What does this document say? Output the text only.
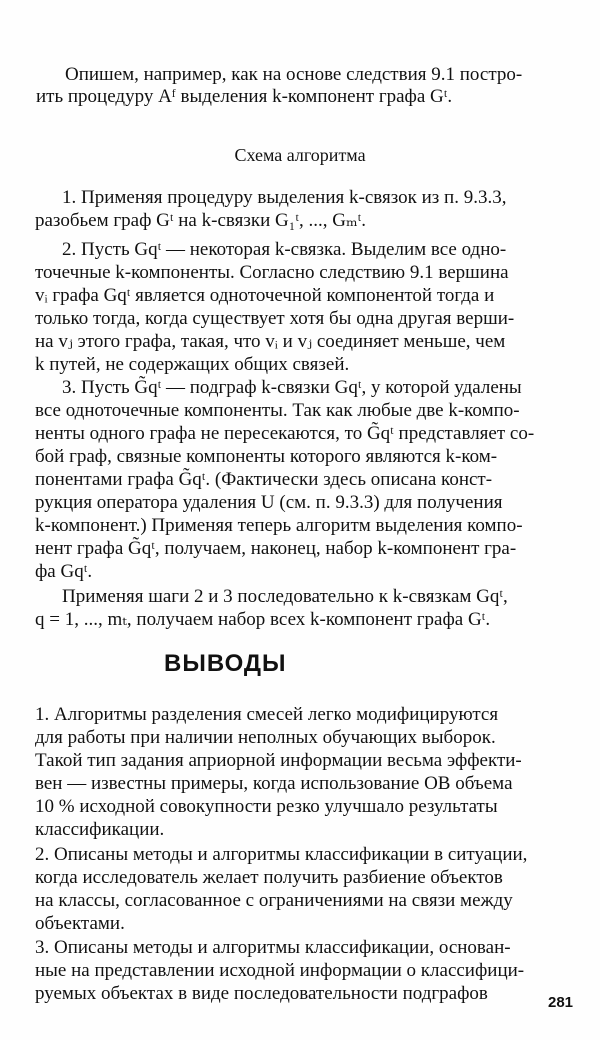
Опишем, например, как на основе следствия 9.1 постро-
ить процедуру Aᶠ выделения k-компонент графа Gᵗ.
Схема алгоритма
1. Применяя процедуру выделения k-связок из п. 9.3.3,
разобьем граф Gᵗ на k-связки G₁ᵗ, ..., Gₘᵗ.
2. Пусть Gqᵗ — некоторая k-связка. Выделим все одно-
точечные k-компоненты. Согласно следствию 9.1 вершина
vᵢ графа Gqᵗ является одноточечной компонентой тогда и
только тогда, когда существует хотя бы одна другая верши-
на vⱼ этого графа, такая, что vᵢ и vⱼ соединяет меньше, чем
k путей, не содержащих общих связей.
3. Пусть G̃qᵗ — подграф k-связки Gqᵗ, у которой удалены
все одноточечные компоненты. Так как любые две k-компо-
ненты одного графа не пересекаются, то G̃qᵗ представляет со-
бой граф, связные компоненты которого являются k-ком-
понентами графа G̃qᵗ. (Фактически здесь описана конст-
рукция оператора удаления U (см. п. 9.3.3) для получения
k-компонент.) Применяя теперь алгоритм выделения компо-
нент графа G̃qᵗ, получаем, наконец, набор k-компонент гра-
фа Gqᵗ.
Применяя шаги 2 и 3 последовательно к k-связкам Gqᵗ,
q = 1, ..., mₜ, получаем набор всех k-компонент графа Gᵗ.
ВЫВОДЫ
1. Алгоритмы разделения смесей легко модифицируются
для работы при наличии неполных обучающих выборок.
Такой тип задания априорной информации весьма эффекти-
вен — известны примеры, когда использование ОВ объема
10 % исходной совокупности резко улучшало результаты
классификации.
2. Описаны методы и алгоритмы классификации в ситуации,
когда исследователь желает получить разбиение объектов
на классы, согласованное с ограничениями на связи между
объектами.
3. Описаны методы и алгоритмы классификации, основан-
ные на представлении исходной информации о классифици-
руемых объектах в виде последовательности подграфов	281
